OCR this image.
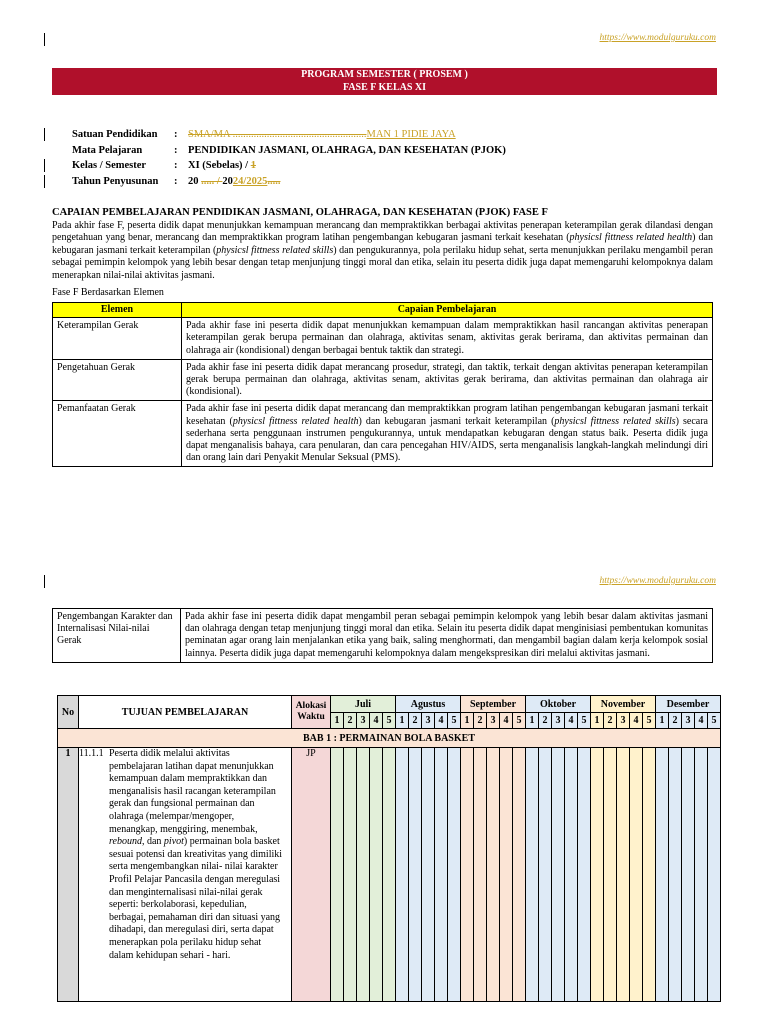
https://www.modulguruku.com
PROGRAM SEMESTER ( PROSEM )
FASE F KELAS XI
Satuan Pendidikan	:	SMA/MA ...................................................MAN 1 PIDIE JAYA
Mata Pelajaran	:	PENDIDIKAN JASMANI, OLAHRAGA, DAN KESEHATAN (PJOK)
Kelas / Semester	:	XI (Sebelas) / 1
Tahun Penyusunan	:	20 ..... / 2024/2025.....
CAPAIAN PEMBELAJARAN PENDIDIKAN JASMANI, OLAHRAGA, DAN KESEHATAN (PJOK) FASE F
Pada akhir fase F, peserta didik dapat menunjukkan kemampuan merancang dan mempraktikkan berbagai aktivitas penerapan keterampilan gerak dilandasi dengan pengetahuan yang benar, merancang dan mempraktikkan program latihan pengembangan kebugaran jasmani terkait kesehatan (physicsl fittness related health) dan kebugaran jasmani terkait keterampilan (physicsl fittness related skills) dan pengukurannya, pola perilaku hidup sehat, serta menunjukkan perilaku mengambil peran sebagai pemimpin kelompok yang lebih besar dengan tetap menjunjung tinggi moral dan etika, selain itu peserta didik juga dapat memengaruhi kelompoknya dalam menerapkan nilai-nilai aktivitas jasmani.
Fase F Berdasarkan Elemen
Elemen	Capaian Pembelajaran
Keterampilan Gerak	Pada akhir fase ini peserta didik dapat menunjukkan kemampuan dalam mempraktikkan hasil rancangan aktivitas penerapan keterampilan gerak berupa permainan dan olahraga, aktivitas senam, aktivitas gerak berirama, dan aktivitas permainan dan olahraga air (kondisional) dengan berbagai bentuk taktik dan strategi.
Pengetahuan Gerak	Pada akhir fase ini peserta didik dapat merancang prosedur, strategi, dan taktik, terkait dengan aktivitas penerapan keterampilan gerak berupa permainan dan olahraga, aktivitas senam, aktivitas gerak berirama, dan aktivitas permainan dan olahraga air (kondisional).
Pemanfaatan Gerak	Pada akhir fase ini peserta didik dapat merancang dan mempraktikkan program latihan pengembangan kebugaran jasmani terkait kesehatan (physicsl fittness related health) dan kebugaran jasmani terkait keterampilan (physicsl fittness related skills) secara sederhana serta penggunaan instrumen pengukurannya, untuk mendapatkan kebugaran dengan status baik. Peserta didik juga dapat menganalisis bahaya, cara penularan, dan cara pencegahan HIV/AIDS, serta menganalisis langkah-langkah melindungi diri dan orang lain dari Penyakit Menular Seksual (PMS).
https://www.modulguruku.com
Pengembangan Karakter dan Internalisasi Nilai-nilai Gerak	Pada akhir fase ini peserta didik dapat mengambil peran sebagai pemimpin kelompok yang lebih besar dalam aktivitas jasmani dan olahraga dengan tetap menjunjung tinggi moral dan etika. Selain itu peserta didik dapat menginisiasi pembentukan komunitas peminatan agar orang lain menjalankan etika yang baik, saling menghormati, dan mengambil bagian dalam kerja kelompok sosial lainnya. Peserta didik juga dapat memengaruhi kelompoknya dalam mengekspresikan diri melalui aktivitas jasmani.
No	TUJUAN PEMBELAJARAN	Alokasi Waktu	Juli					Agustus					September					Oktober					November					Desember				
			1	2	3	4	5	1	2	3	4	5	1	2	3	4	5	1	2	3	4	5	1	2	3	4	5	1	2	3	4	5
BAB 1 : PERMAINAN BOLA BASKET																																
1	11.1.1 Peserta didik melalui aktivitas pembelajaran latihan dapat menunjukkan kemampuan dalam mempraktikkan dan menganalisis hasil racangan keterampilan gerak dan fungsional permainan dan olahraga (melempar/mengoper, menangkap, menggiring, menembak, rebound, dan pivot) permainan bola basket sesuai potensi dan kreativitas yang dimiliki serta mengembangkan nilai- nilai karakter Profil Pelajar Pancasila dengan meregulasi dan menginternalisasi nilai-nilai gerak seperti: berkolaborasi, kepedulian, berbagai, pemahaman diri dan situasi yang dihadapi, dan meregulasi diri, serta dapat menerapkan pola perilaku hidup sehat dalam kehidupan sehari - hari.	JP																														
